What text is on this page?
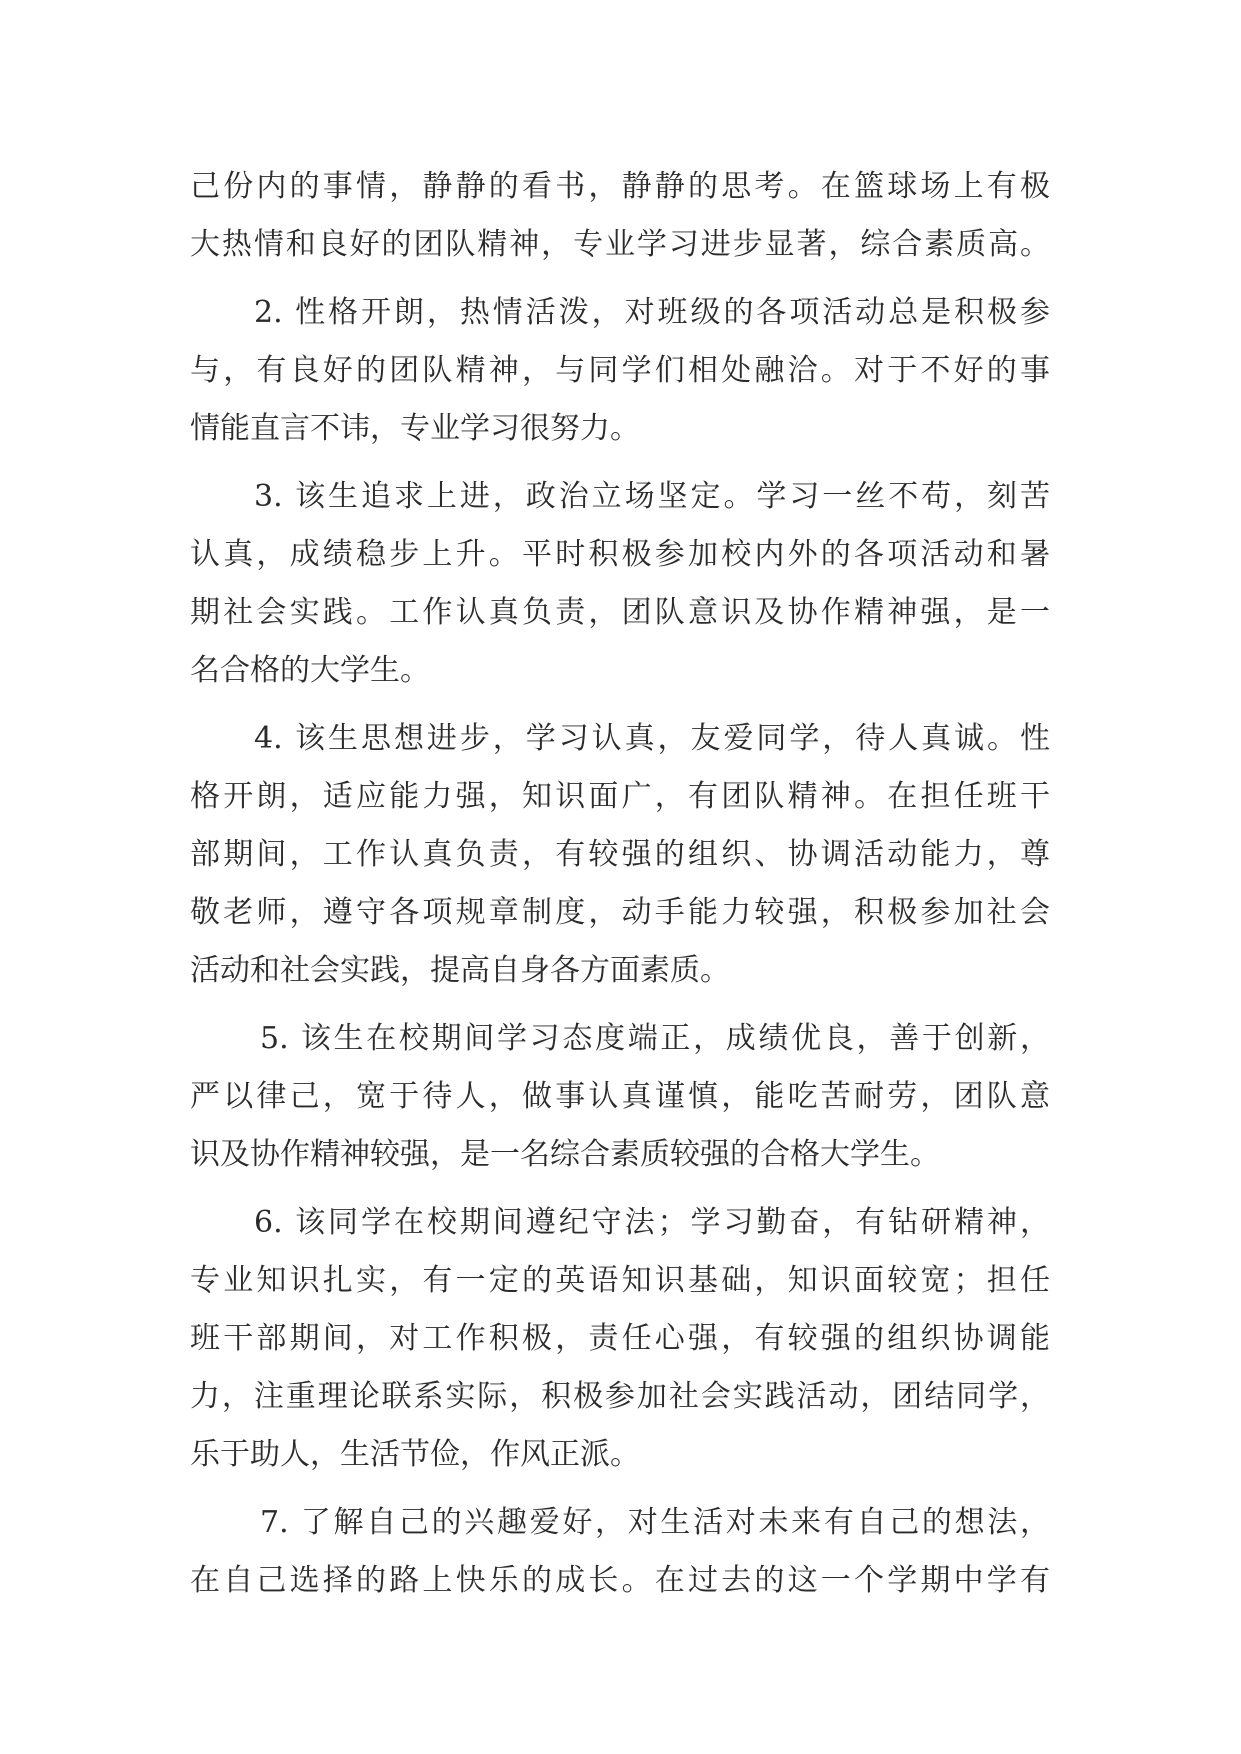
己份内的事情，静静的看书，静静的思考。在篮球场上有极
大热情和良好的团队精神，专业学习进步显著，综合素质高。
2. 性格开朗，热情活泼，对班级的各项活动总是积极参
与，有良好的团队精神，与同学们相处融洽。对于不好的事
情能直言不讳，专业学习很努力。
3. 该生追求上进，政治立场坚定。学习一丝不苟，刻苦
认真，成绩稳步上升。平时积极参加校内外的各项活动和暑
期社会实践。工作认真负责，团队意识及协作精神强，是一
名合格的大学生。
4. 该生思想进步，学习认真，友爱同学，待人真诚。性
格开朗，适应能力强，知识面广，有团队精神。在担任班干
部期间，工作认真负责，有较强的组织、协调活动能力，尊
敬老师，遵守各项规章制度，动手能力较强，积极参加社会
活动和社会实践，提高自身各方面素质。
5. 该生在校期间学习态度端正，成绩优良，善于创新，
严以律己，宽于待人，做事认真谨慎，能吃苦耐劳，团队意
识及协作精神较强，是一名综合素质较强的合格大学生。
6. 该同学在校期间遵纪守法；学习勤奋，有钻研精神，
专业知识扎实，有一定的英语知识基础，知识面较宽；担任
班干部期间，对工作积极，责任心强，有较强的组织协调能
力，注重理论联系实际，积极参加社会实践活动，团结同学，
乐于助人，生活节俭，作风正派。
7. 了解自己的兴趣爱好，对生活对未来有自己的想法，
在自己选择的路上快乐的成长。在过去的这一个学期中学有
